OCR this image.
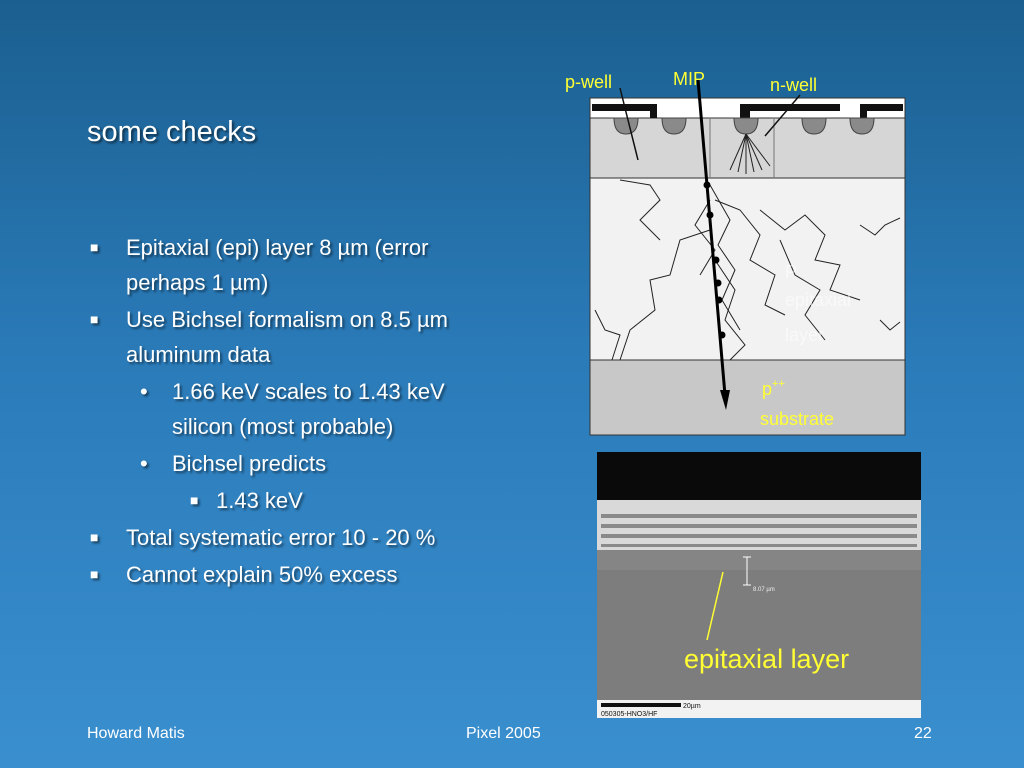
some checks
■ Epitaxial (epi) layer 8 µm (error perhaps 1 µm)
■ Use Bichsel formalism on 8.5 µm aluminum data
• 1.66 keV scales to 1.43 keV silicon (most probable)
• Bichsel predicts
■ 1.43 keV
■ Total systematic error 10 - 20 %
■ Cannot explain 50% excess
p-well	MIP	n-well
P
epitaxial
layer
p++
substrate
8.07 µm
20µm
050305-HNO3/HF
epitaxial layer
Howard Matis	Pixel 2005	22
